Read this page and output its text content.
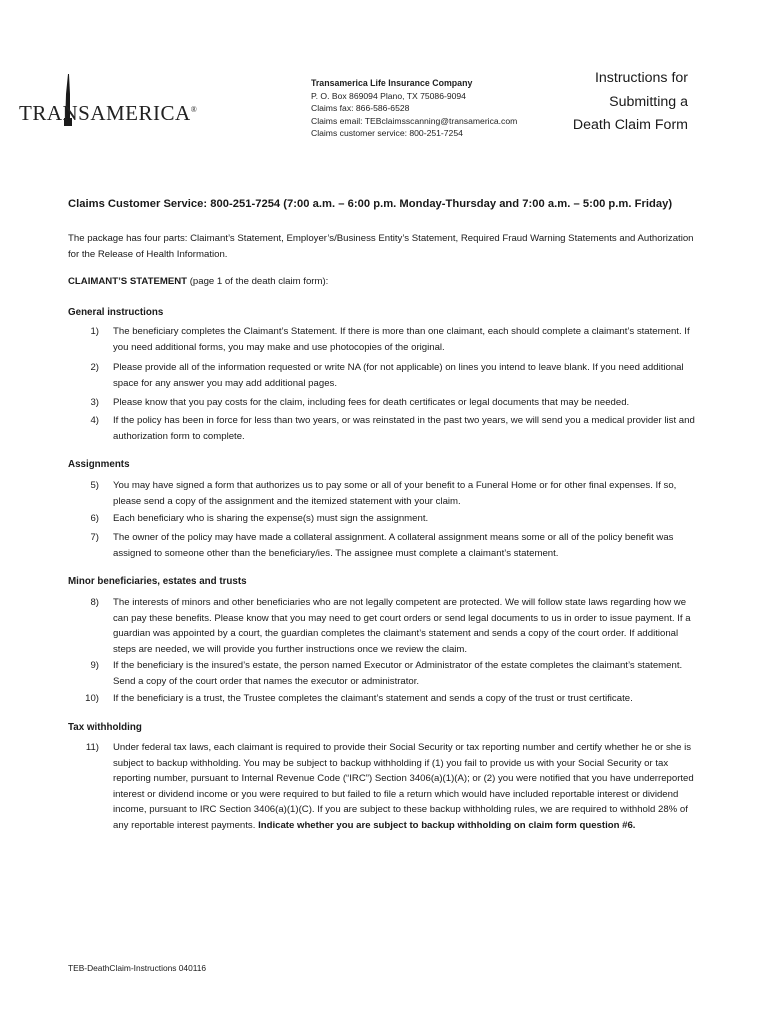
TRANSAMERICA®
Transamerica Life Insurance Company
P. O. Box 869094 Plano, TX 75086-9094
Claims fax: 866-586-6528
Claims email: TEBclaimsscanning@transamerica.com
Claims customer service: 800-251-7254
Instructions for
Submitting a
Death Claim Form
Claims Customer Service: 800-251-7254 (7:00 a.m. – 6:00 p.m. Monday-Thursday and 7:00 a.m. – 5:00 p.m. Friday)
The package has four parts: Claimant’s Statement, Employer’s/Business Entity’s Statement, Required Fraud Warning Statements and Authorization for the Release of Health Information.
CLAIMANT’S STATEMENT (page 1 of the death claim form):
General instructions
Assignments
Minor beneficiaries, estates and trusts
Tax withholding
1) The beneficiary completes the Claimant’s Statement. If there is more than one claimant, each should complete a claimant’s statement. If you need additional forms, you may make and use photocopies of the original.
2) Please provide all of the information requested or write NA (for not applicable) on lines you intend to leave blank. If you need additional space for any answer you may add additional pages.
3) Please know that you pay costs for the claim, including fees for death certificates or legal documents that may be needed.
4) If the policy has been in force for less than two years, or was reinstated in the past two years, we will send you a medical provider list and authorization form to complete.
5) You may have signed a form that authorizes us to pay some or all of your benefit to a Funeral Home or for other final expenses. If so, please send a copy of the assignment and the itemized statement with your claim.
6) Each beneficiary who is sharing the expense(s) must sign the assignment.
7) The owner of the policy may have made a collateral assignment. A collateral assignment means some or all of the policy benefit was assigned to someone other than the beneficiary/ies. The assignee must complete a claimant’s statement.
8) The interests of minors and other beneficiaries who are not legally competent are protected. We will follow state laws regarding how we can pay these benefits. Please know that you may need to get court orders or send legal documents to us in order to issue payment. If a guardian was appointed by a court, the guardian completes the claimant’s statement and sends a copy of the court order. If additional steps are needed, we will provide you further instructions once we review the claim.
9) If the beneficiary is the insured’s estate, the person named Executor or Administrator of the estate completes the claimant’s statement. Send a copy of the court order that names the executor or administrator.
10) If the beneficiary is a trust, the Trustee completes the claimant’s statement and sends a copy of the trust or trust certificate.
11) Under federal tax laws, each claimant is required to provide their Social Security or tax reporting number and certify whether he or she is subject to backup withholding. You may be subject to backup withholding if (1) you fail to provide us with your Social Security or tax reporting number, pursuant to Internal Revenue Code (“IRC”) Section 3406(a)(1)(A); or (2) you were notified that you have underreported interest or dividend income or you were required to but failed to file a return which would have included reportable interest or dividend income, pursuant to IRC Section 3406(a)(1)(C). If you are subject to these backup withholding rules, we are required to withhold 28% of any reportable interest payments. Indicate whether you are subject to backup withholding on claim form question #6.
TEB-DeathClaim-Instructions 040116
